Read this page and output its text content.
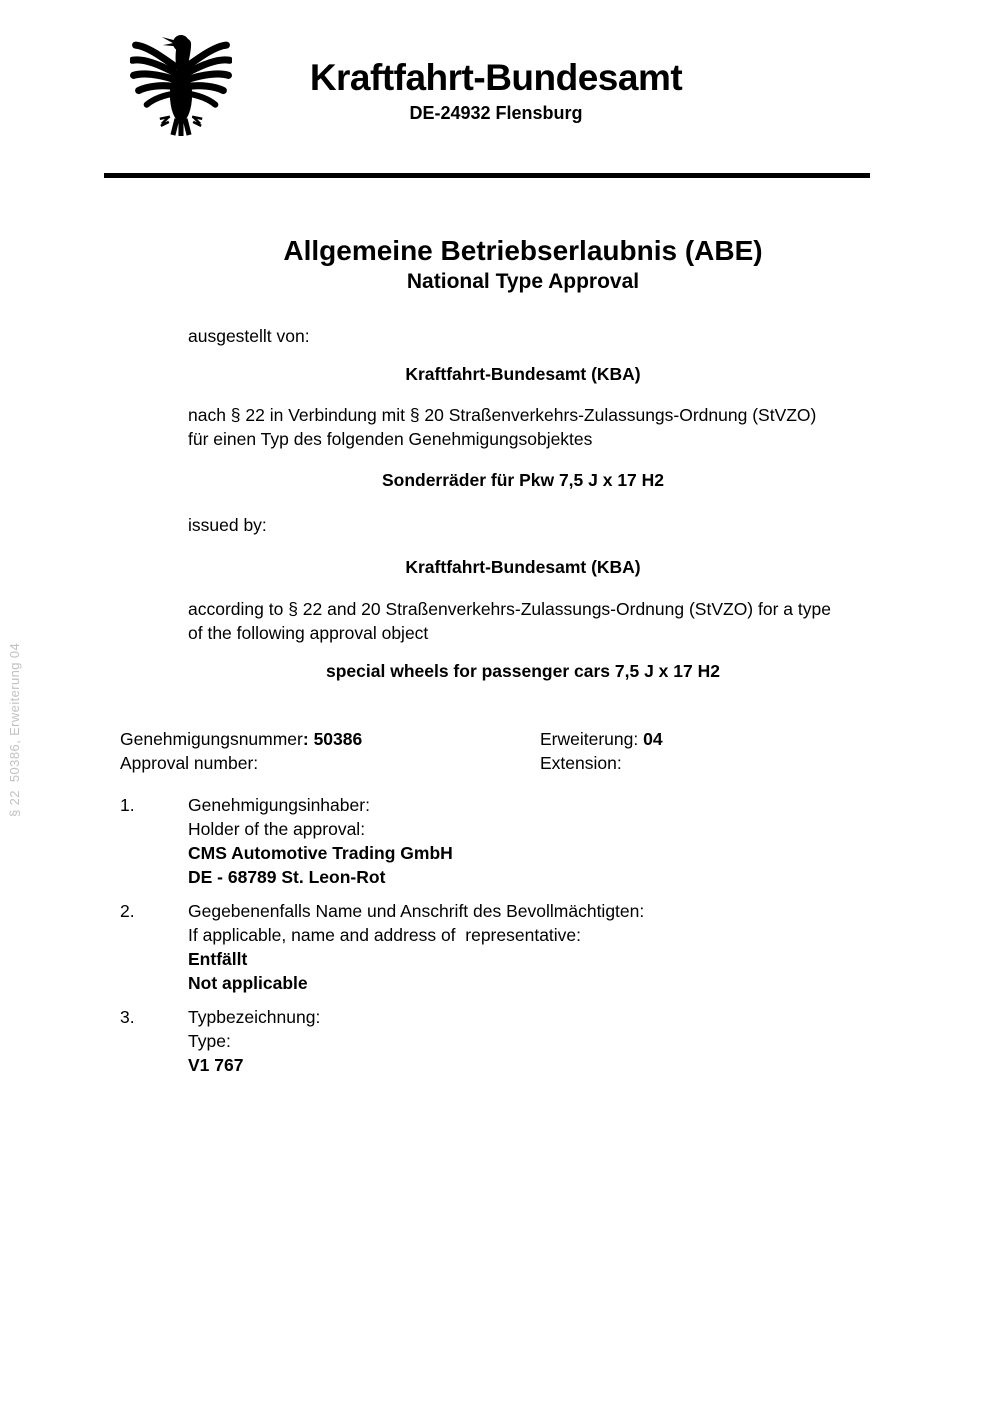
§ 22  50386, Erweiterung 04
Kraftfahrt-Bundesamt
DE-24932 Flensburg
Allgemeine Betriebserlaubnis (ABE)
National Type Approval
ausgestellt von:
Kraftfahrt-Bundesamt (KBA)
nach § 22 in Verbindung mit § 20 Straßenverkehrs-Zulassungs-Ordnung (StVZO)
für einen Typ des folgenden Genehmigungsobjektes
Sonderräder für Pkw 7,5 J x 17 H2
issued by:
Kraftfahrt-Bundesamt (KBA)
according to § 22 and 20 Straßenverkehrs-Zulassungs-Ordnung (StVZO) for a type
of the following approval object
special wheels for passenger cars 7,5 J x 17 H2
Genehmigungsnummer: 50386
Approval number:
Erweiterung: 04
Extension:
1.	Genehmigungsinhaber:
Holder of the approval:
CMS Automotive Trading GmbH
DE - 68789 St. Leon-Rot
2.	Gegebenenfalls Name und Anschrift des Bevollmächtigten:
If applicable, name and address of  representative:
Entfällt
Not applicable
3.	Typbezeichnung:
Type:
V1 767
